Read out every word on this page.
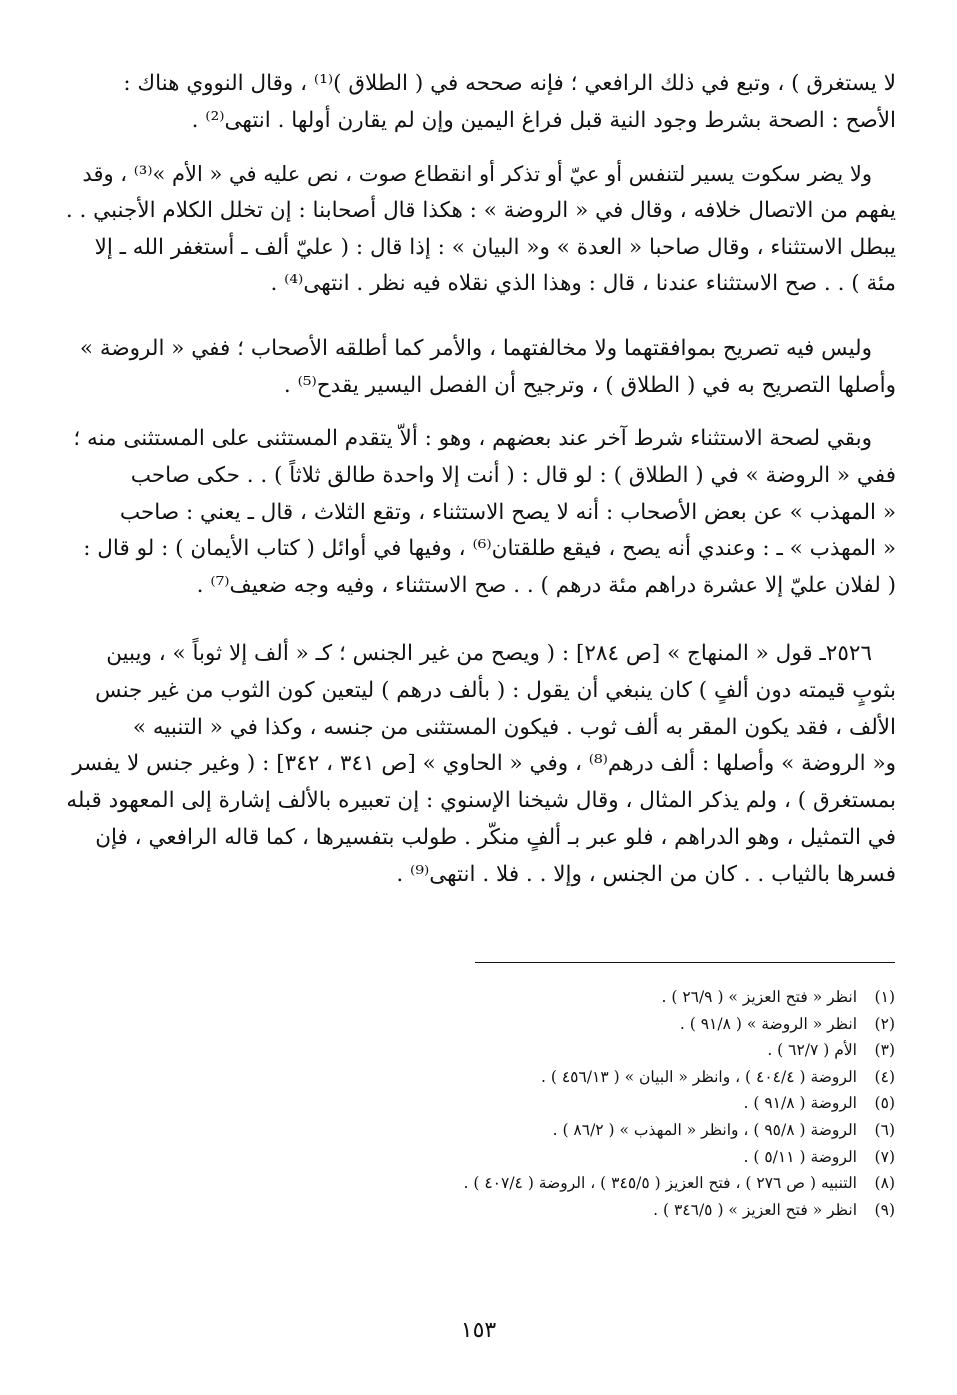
لا يستغرق ) ، وتبع في ذلك الرافعي ؛ فإنه صححه في ( الطلاق )⁽¹⁾ ، وقال النووي هناك :
الأصح : الصحة بشرط وجود النية قبل فراغ اليمين وإن لم يقارن أولها . انتهى⁽²⁾ .

ولا يضر سكوت يسير لتنفس أو عيّ أو تذكر أو انقطاع صوت ، نص عليه في « الأم »⁽³⁾ ، وقد
يفهم من الاتصال خلافه ، وقال في « الروضة » : هكذا قال أصحابنا : إن تخلل الكلام الأجنبي . .
يبطل الاستثناء ، وقال صاحبا « العدة » و« البيان » : إذا قال : ( عليّ ألف ـ أستغفر الله ـ إلا
مئة ) . . صح الاستثناء عندنا ، قال : وهذا الذي نقلاه فيه نظر . انتهى⁽⁴⁾ .

وليس فيه تصريح بموافقتهما ولا مخالفتهما ، والأمر كما أطلقه الأصحاب ؛ ففي « الروضة »
وأصلها التصريح به في ( الطلاق ) ، وترجيح أن الفصل اليسير يقدح⁽⁵⁾ .

وبقي لصحة الاستثناء شرط آخر عند بعضهم ، وهو : ألاّ يتقدم المستثنى على المستثنى منه ؛
ففي « الروضة » في ( الطلاق ) : لو قال : ( أنت إلا واحدة طالق ثلاثاً ) . . حكى صاحب
« المهذب » عن بعض الأصحاب : أنه لا يصح الاستثناء ، وتقع الثلاث ، قال ـ يعني : صاحب
« المهذب » ـ : وعندي أنه يصح ، فيقع طلقتان⁽⁶⁾ ، وفيها في أوائل ( كتاب الأيمان ) : لو قال :
( لفلان عليّ إلا عشرة دراهم مئة درهم ) . . صح الاستثناء ، وفيه وجه ضعيف⁽⁷⁾ .

٢٥٢٦ـ قول « المنهاج » [ص ٢٨٤] : ( ويصح من غير الجنس ؛ كـ « ألف إلا ثوباً » ، ويبين
بثوبٍ قيمته دون ألفٍ ) كان ينبغي أن يقول : ( بألف درهم ) ليتعين كون الثوب من غير جنس
الألف ، فقد يكون المقر به ألف ثوب . فيكون المستثنى من جنسه ، وكذا في « التنبيه »
و« الروضة » وأصلها : ألف درهم⁽⁸⁾ ، وفي « الحاوي » [ص ٣٤١ ، ٣٤٢] : ( وغير جنس لا يفسر
بمستغرق ) ، ولم يذكر المثال ، وقال شيخنا الإسنوي : إن تعبيره بالألف إشارة إلى المعهود قبله
في التمثيل ، وهو الدراهم ، فلو عبر بـ ألفٍ منكّر . طولب بتفسيرها ، كما قاله الرافعي ، فإن
فسرها بالثياب . . كان من الجنس ، وإلا . . فلا . انتهى⁽⁹⁾ .

(١)
انظر « فتح العزيز » ( ٢٦/٩ ) .
(٢)
انظر « الروضة » ( ٩١/٨ ) .
(٣)
الأم ( ٦٢/٧ ) .
(٤)
الروضة ( ٤٠٤/٤ ) ، وانظر « البيان » ( ٤٥٦/١٣ ) .
(٥)
الروضة ( ٩١/٨ ) .
(٦)
الروضة ( ٩٥/٨ ) ، وانظر « المهذب » ( ٨٦/٢ ) .
(٧)
الروضة ( ٥/١١ ) .
(٨)
التنبيه ( ص ٢٧٦ ) ، فتح العزيز ( ٣٤٥/٥ ) ، الروضة ( ٤٠٧/٤ ) .
(٩)
انظر « فتح العزيز » ( ٣٤٦/٥ ) .
١٥٣
